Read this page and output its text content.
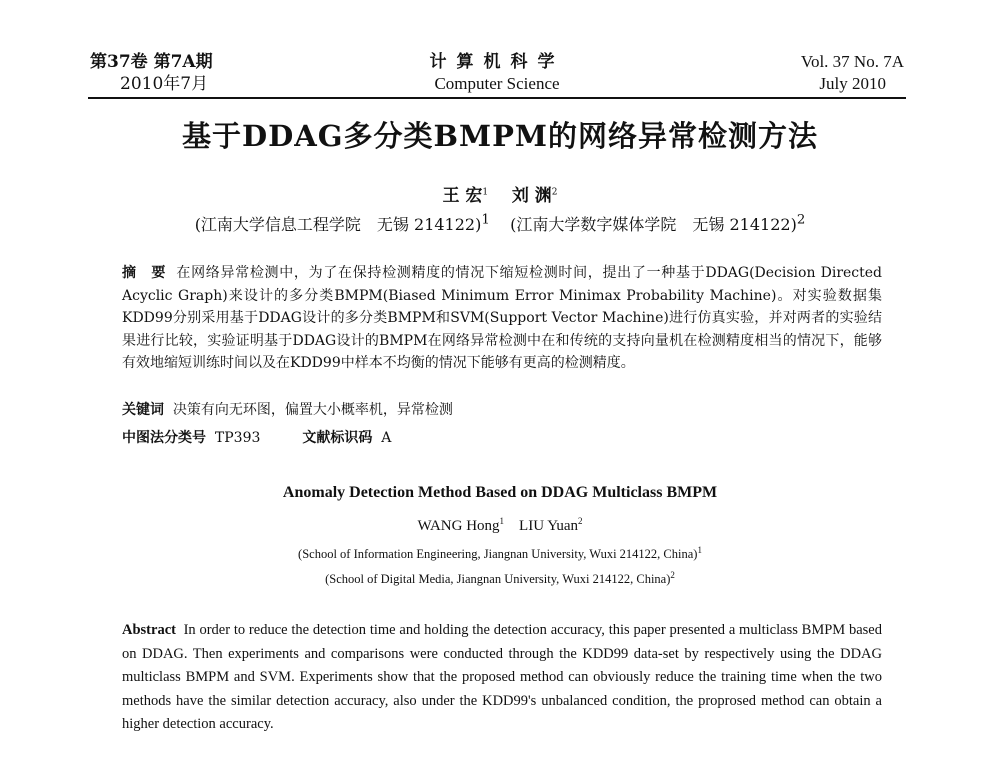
第37卷 第7A期
2010年7月
计算机科学
Computer Science
Vol. 37 No. 7A
July 2010
基于DDAG多分类BMPM的网络异常检测方法
王 宏$^1$ 刘 渊$^2$
(江南大学信息工程学院　无锡 214122)$^1$ (江南大学数字媒体学院　无锡 214122)$^2$
摘　要 在网络异常检测中，为了在保持检测精度的情况下缩短检测时间，提出了一种基于DDAG(Decision Directed Acyclic Graph)来设计的多分类BMPM(Biased Minimum Error Minimax Probability Machine)。对实验数据集KDD99分别采用基于DDAG设计的多分类BMPM和SVM(Support Vector Machine)进行仿真实验，并对两者的实验结果进行比较，实验证明基于DDAG设计的BMPM在网络异常检测中在和传统的支持向量机在检测精度相当的情况下，能够有效地缩短训练时间以及在KDD99中样本不均衡的情况下能够有更高的检测精度。
关键词 决策有向无环图，偏置大小概率机，异常检测
中图法分类号 TP393	文献标识码 A
Anomaly Detection Method Based on DDAG Multiclass BMPM
WANG Hong$^1$ LIU Yuan$^2$
(School of Information Engineering, Jiangnan University, Wuxi 214122, China)$^1$
(School of Digital Media, Jiangnan University, Wuxi 214122, China)$^2$
Abstract In order to reduce the detection time and holding the detection accuracy, this paper presented a multiclass BMPM based on DDAG. Then experiments and comparisons were conducted through the KDD99 data-set by respectively using the DDAG multiclass BMPM and SVM. Experiments show that the proposed method can obviously reduce the training time when the two methods have the similar detection accuracy, also under the KDD99's unbalanced condition, the proprosed method can obtain a higher detection accuracy.
